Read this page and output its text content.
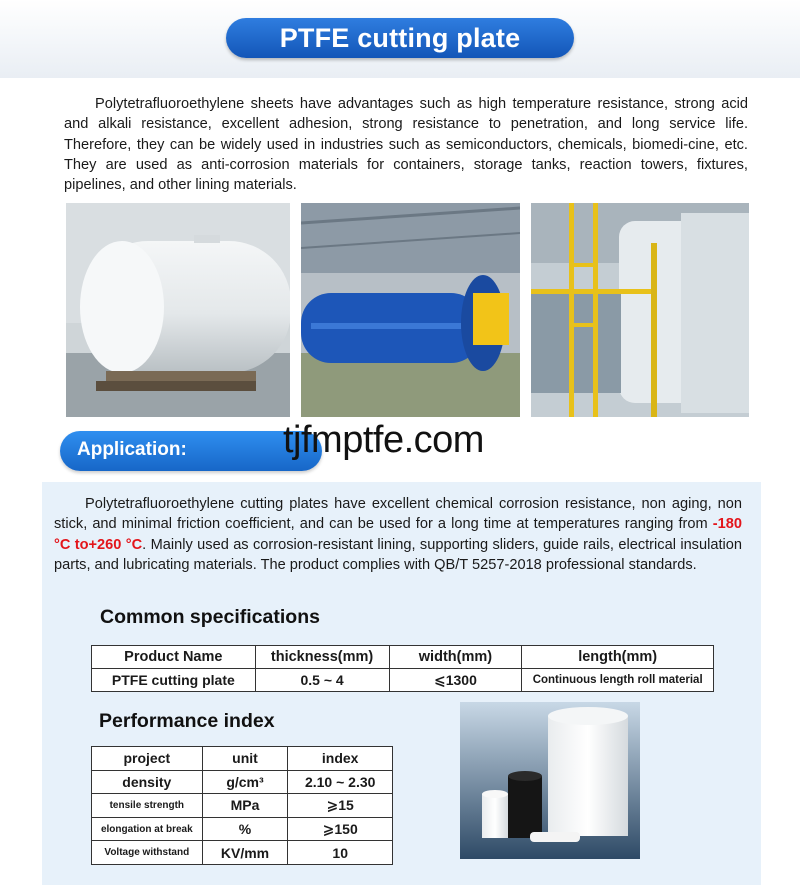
PTFE cutting plate

Polytetrafluoroethylene sheets have advantages such as high temperature resistance, strong acid and alkali resistance, excellent adhesion, strong resistance to penetration, and long service life. Therefore, they can be widely used in industries such as semiconductors, chemicals, biomedi-cine, etc. They are used as anti-corrosion materials for containers, storage tanks, reaction towers, fixtures, pipelines, and other lining materials.

Application:	tjfmptfe.com

Polytetrafluoroethylene cutting plates have excellent chemical corrosion resistance, non aging, non stick, and minimal friction coefficient, and can be used for a long time at temperatures ranging from -180 °C to+260 °C. Mainly used as corrosion-resistant lining, supporting sliders, guide rails, electrical insulation parts, and lubricating materials. The product complies with QB/T 5257-2018 professional standards.

Common specifications
Product Name	thickness(mm)	width(mm)	length(mm)
PTFE cutting plate	0.5 ~ 4	⩽1300	Continuous length roll material
Performance index
project	unit	index
density	g/cm³	2.10 ~ 2.30
tensile strength	MPa	⩾15
elongation at break	%	⩾150
Voltage withstand	KV/mm	10
